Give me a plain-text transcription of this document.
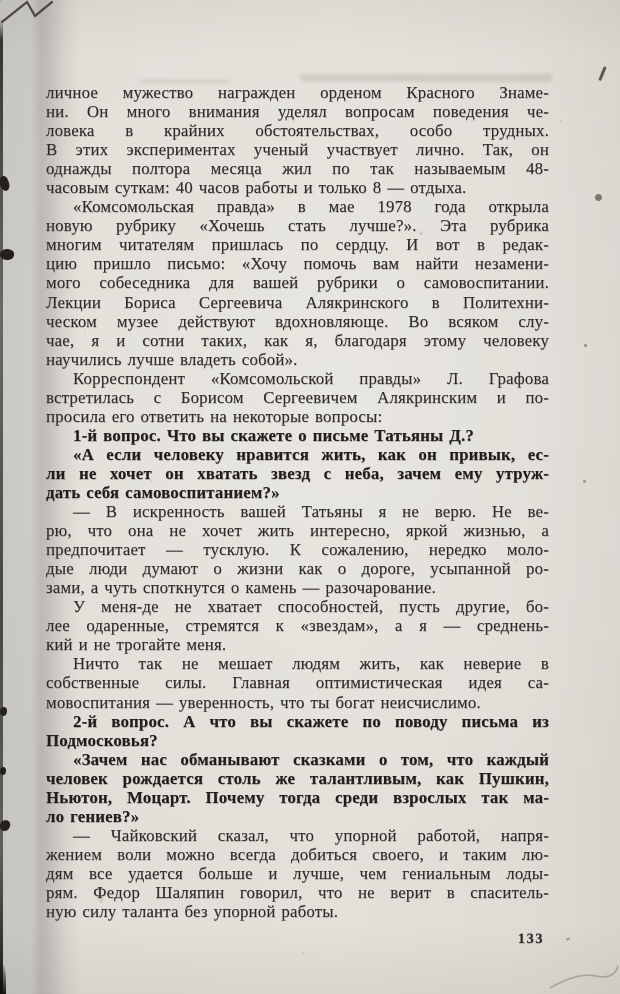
личное мужество награжден орденом Красного Знаме-
ни. Он много внимания уделял вопросам поведения че-
ловека в крайних обстоятельствах, особо трудных.
В этих экспериментах ученый участвует лично. Так, он
однажды полтора месяца жил по так называемым 48-
часовым суткам: 40 часов работы и только 8 — отдыха.
«Комсомольская правда» в мае 1978 года открыла
новую рубрику «Хочешь стать лучше?». Эта рубрика
многим читателям пришлась по сердцу. И вот в редак-
цию пришло письмо: «Хочу помочь вам найти незамени-
мого собеседника для вашей рубрики о самовоспитании.
Лекции Бориса Сергеевича Алякринского в Политехни-
ческом музее действуют вдохновляюще. Во всяком слу-
чае, я и сотни таких, как я, благодаря этому человеку
научились лучше владеть собой».
Корреспондент «Комсомольской правды» Л. Графова
встретилась с Борисом Сергеевичем Алякринским и по-
просила его ответить на некоторые вопросы:
1-й вопрос. Что вы скажете о письме Татьяны Д.?
«А если человеку нравится жить, как он привык, ес-
ли не хочет он хватать звезд с неба, зачем ему утруж-
дать себя самовоспитанием?»
— В искренность вашей Татьяны я не верю. Не ве-
рю, что она не хочет жить интересно, яркой жизнью, а
предпочитает — тусклую. К сожалению, нередко моло-
дые люди думают о жизни как о дороге, усыпанной ро-
зами, а чуть споткнутся о камень — разочарование.
У меня-де не хватает способностей, пусть другие, бо-
лее одаренные, стремятся к «звездам», а я — среднень-
кий и не трогайте меня.
Ничто так не мешает людям жить, как неверие в
собственные силы. Главная оптимистическая идея са-
мовоспитания — уверенность, что ты богат неисчислимо.
2-й вопрос. А что вы скажете по поводу письма из
Подмосковья?
«Зачем нас обманывают сказками о том, что каждый
человек рождается столь же талантливым, как Пушкин,
Ньютон, Моцарт. Почему тогда среди взрослых так ма-
ло гениев?»
— Чайковский сказал, что упорной работой, напря-
жением воли можно всегда добиться своего, и таким лю-
дям все удается больше и лучше, чем гениальным лоды-
рям. Федор Шаляпин говорил, что не верит в спаситель-
ную силу таланта без упорной работы.
133
